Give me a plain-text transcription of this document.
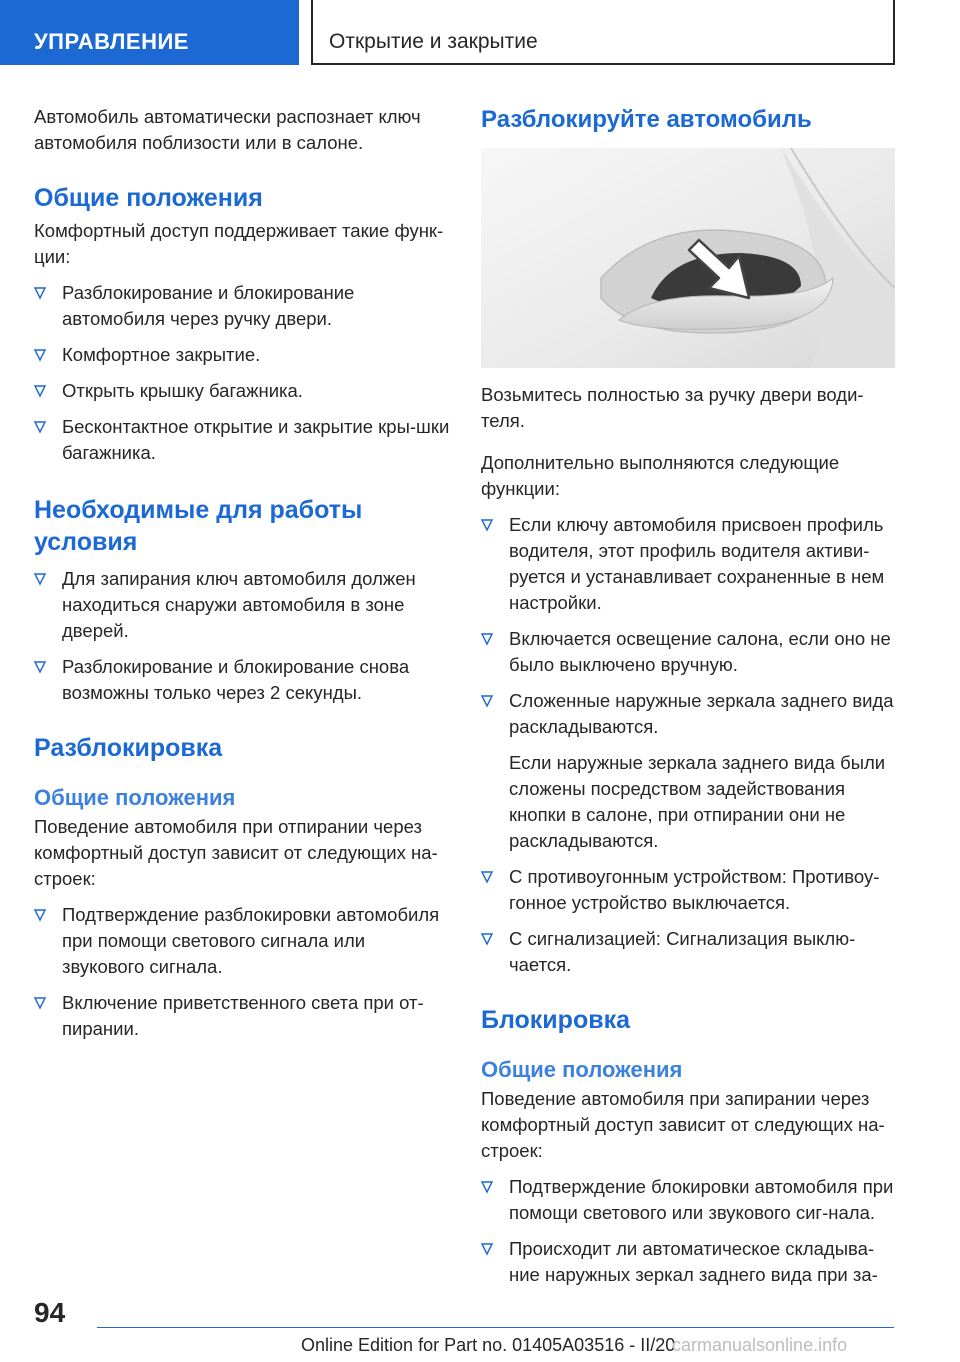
УПРАВЛЕНИЕ	Открытие и закрытие

Автомобиль автоматически распознает ключ автомобиля поблизости или в салоне.

Общие положения

Комфортный доступ поддерживает такие функ-ции:

Разблокирование и блокирование автомобиля через ручку двери.
Комфортное закрытие.
Открыть крышку багажника.
Бесконтактное открытие и закрытие кры-шки багажника.
Необходимые для работы
условия
Для запирания ключ автомобиля должен находиться снаружи автомобиля в зоне дверей.
Разблокирование и блокирование снова возможны только через 2 секунды.
Разблокировка
Общие положения

Поведение автомобиля при отпирании через комфортный доступ зависит от следующих на-строек:

Подтверждение разблокировки автомобиля при помощи светового сигнала или звукового сигнала.
Включение приветственного света при от-пирании.
Разблокируйте автомобиль

Возьмитесь полностью за ручку двери води-теля.

Дополнительно выполняются следующие функции:

Если ключу автомобиля присвоен профиль водителя, этот профиль водителя активи-руется и устанавливает сохраненные в нем настройки.
Включается освещение салона, если оно не было выключено вручную.
Сложенные наружные зеркала заднего вида раскладываются.

Если наружные зеркала заднего вида были сложены посредством задействования кнопки в салоне, при отпирании они не раскладываются.

С противоугонным устройством: Противоу-гонное устройство выключается.
С сигнализацией: Сигнализация выклю-чается.
Блокировка
Общие положения

Поведение автомобиля при запирании через комфортный доступ зависит от следующих на-строек:

Подтверждение блокировки автомобиля при помощи светового или звукового сиг-нала.
Происходит ли автоматическое складыва-ние наружных зеркал заднего вида при за-
94
Online Edition for Part no. 01405A03516 - II/20
carmanualsonline.info
